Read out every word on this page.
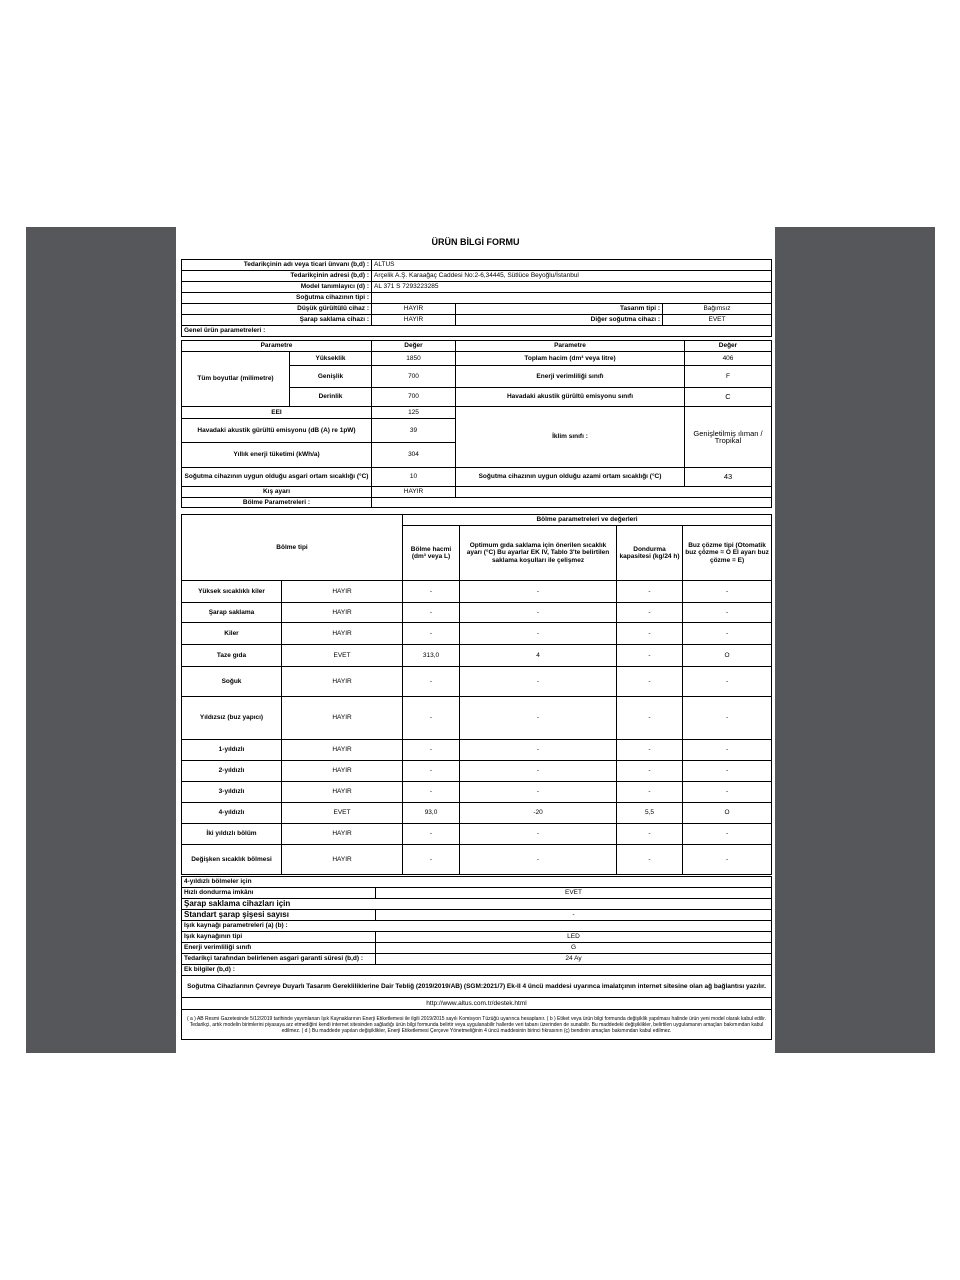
ÜRÜN BİLGİ FORMU
Tedarikçinin adı veya ticari ünvanı (b,d) :	ALTUS		
Tedarikçinin adresi (b,d) :	Arçelik A.Ş. Karaağaç Caddesi No:2-6,34445, Sütlüce Beyoğlu/İstanbul		
Model tanımlayıcı (d) :	AL 371 S 7293223285		
Soğutma cihazının tipi :			
Düşük gürültülü cihaz :	HAYIR	Tasarım tipi :	Bağımsız
Şarap saklama cihazı :	HAYIR	Diğer soğutma cihazı :	EVET
Genel ürün parametreleri :			
Parametre		Değer	Parametre	Değer
Tüm boyutlar (milimetre)	Yükseklik	1850	Toplam hacim (dm³ veya litre)	406
	Genişlik	700	Enerji verimliliği sınıfı	F
	Derinlik	700	Havadaki akustik gürültü emisyonu sınıfı	C
EEI		125	İklim sınıfı :	Genişletilmiş ılıman / Tropikal
Havadaki akustik gürültü emisyonu (dB (A) re 1pW)		39		
Yıllık enerji tüketimi (kWh/a)		304		
Soğutma cihazının uygun olduğu asgari ortam sıcaklığı (°C)		10	Soğutma cihazının uygun olduğu azami ortam sıcaklığı (°C)	43
Kış ayarı		HAYIR		
Bölme Parametreleri :				
Bölme tipi		Bölme parametreleri ve değerleri			
		Bölme hacmi (dm³ veya L)	Optimum gıda saklama için önerilen sıcaklık ayarı (°C) Bu ayarlar EK IV, Tablo 3'te belirtilen saklama koşulları ile çelişmez	Dondurma kapasitesi (kg/24 h)	Buz çözme tipi (Otomatik buz çözme = O El ayarı buz çözme = E)
Yüksek sıcaklıklı kiler	HAYIR	-	-	-	-
Şarap saklama	HAYIR	-	-	-	-
Kiler	HAYIR	-	-	-	-
Taze gıda	EVET	313,0	4	-	O
Soğuk	HAYIR	-	-	-	-
Yıldızsız (buz yapıcı)	HAYIR	-	-	-	-
1-yıldızlı	HAYIR	-	-	-	-
2-yıldızlı	HAYIR	-	-	-	-
3-yıldızlı	HAYIR	-	-	-	-
4-yıldızlı	EVET	93,0	-20	5,5	O
İki yıldızlı bölüm	HAYIR	-	-	-	-
Değişken sıcaklık bölmesi	HAYIR	-	-	-	-
4-yıldızlı bölmeler için	
Hızlı dondurma imkânı	EVET
Şarap saklama cihazları için	
Standart şarap şişesi sayısı	-
Işık kaynağı parametreleri (a) (b) :	
Işık kaynağının tipi	LED
Enerji verimliliği sınıfı	G
Tedarikçi tarafından belirlenen asgari garanti süresi (b,d) :	24 Ay
Ek bilgiler (b,d) :	
Soğutma Cihazlarının Çevreye Duyarlı Tasarım Gerekliliklerine Dair Tebliğ (2019/2019/AB) (SGM:2021/7) Ek-II 4 üncü maddesi uyarınca imalatçının internet sitesine olan ağ bağlantısı yazılır.	
http://www.altus.com.tr/destek.html	
( a ) AB Resmi Gazetesinde 5/12/2019 tarihinde yayımlanan Işık Kaynaklarının Enerji Etiketlemesi ile ilgili 2019/2015 sayılı Komisyon Tüzüğü uyarınca hesaplanır. ( b ) Etiket veya ürün bilgi formunda değişiklik yapılması halinde ürün yeni model olarak kabul edilir. Tedarikçi, artık modelin birimlerini piyasaya arz etmediğini kendi internet sitesinden sağladığı ürün bilgi formunda belirtir veya uygulanabilir hallerde veri tabanı üzerinden de sunabilir. Bu maddedeki değişiklikler, belirtilen uygulamanın amaçları bakımından kabul edilmez. ( d ) Bu maddede yapılan değişiklikler, Enerji Etiketlemesi Çerçeve Yönetmeliğinin 4 üncü maddesinin birinci fıkrasının (ç) bendinin amaçları bakımından kabul edilmez.	
